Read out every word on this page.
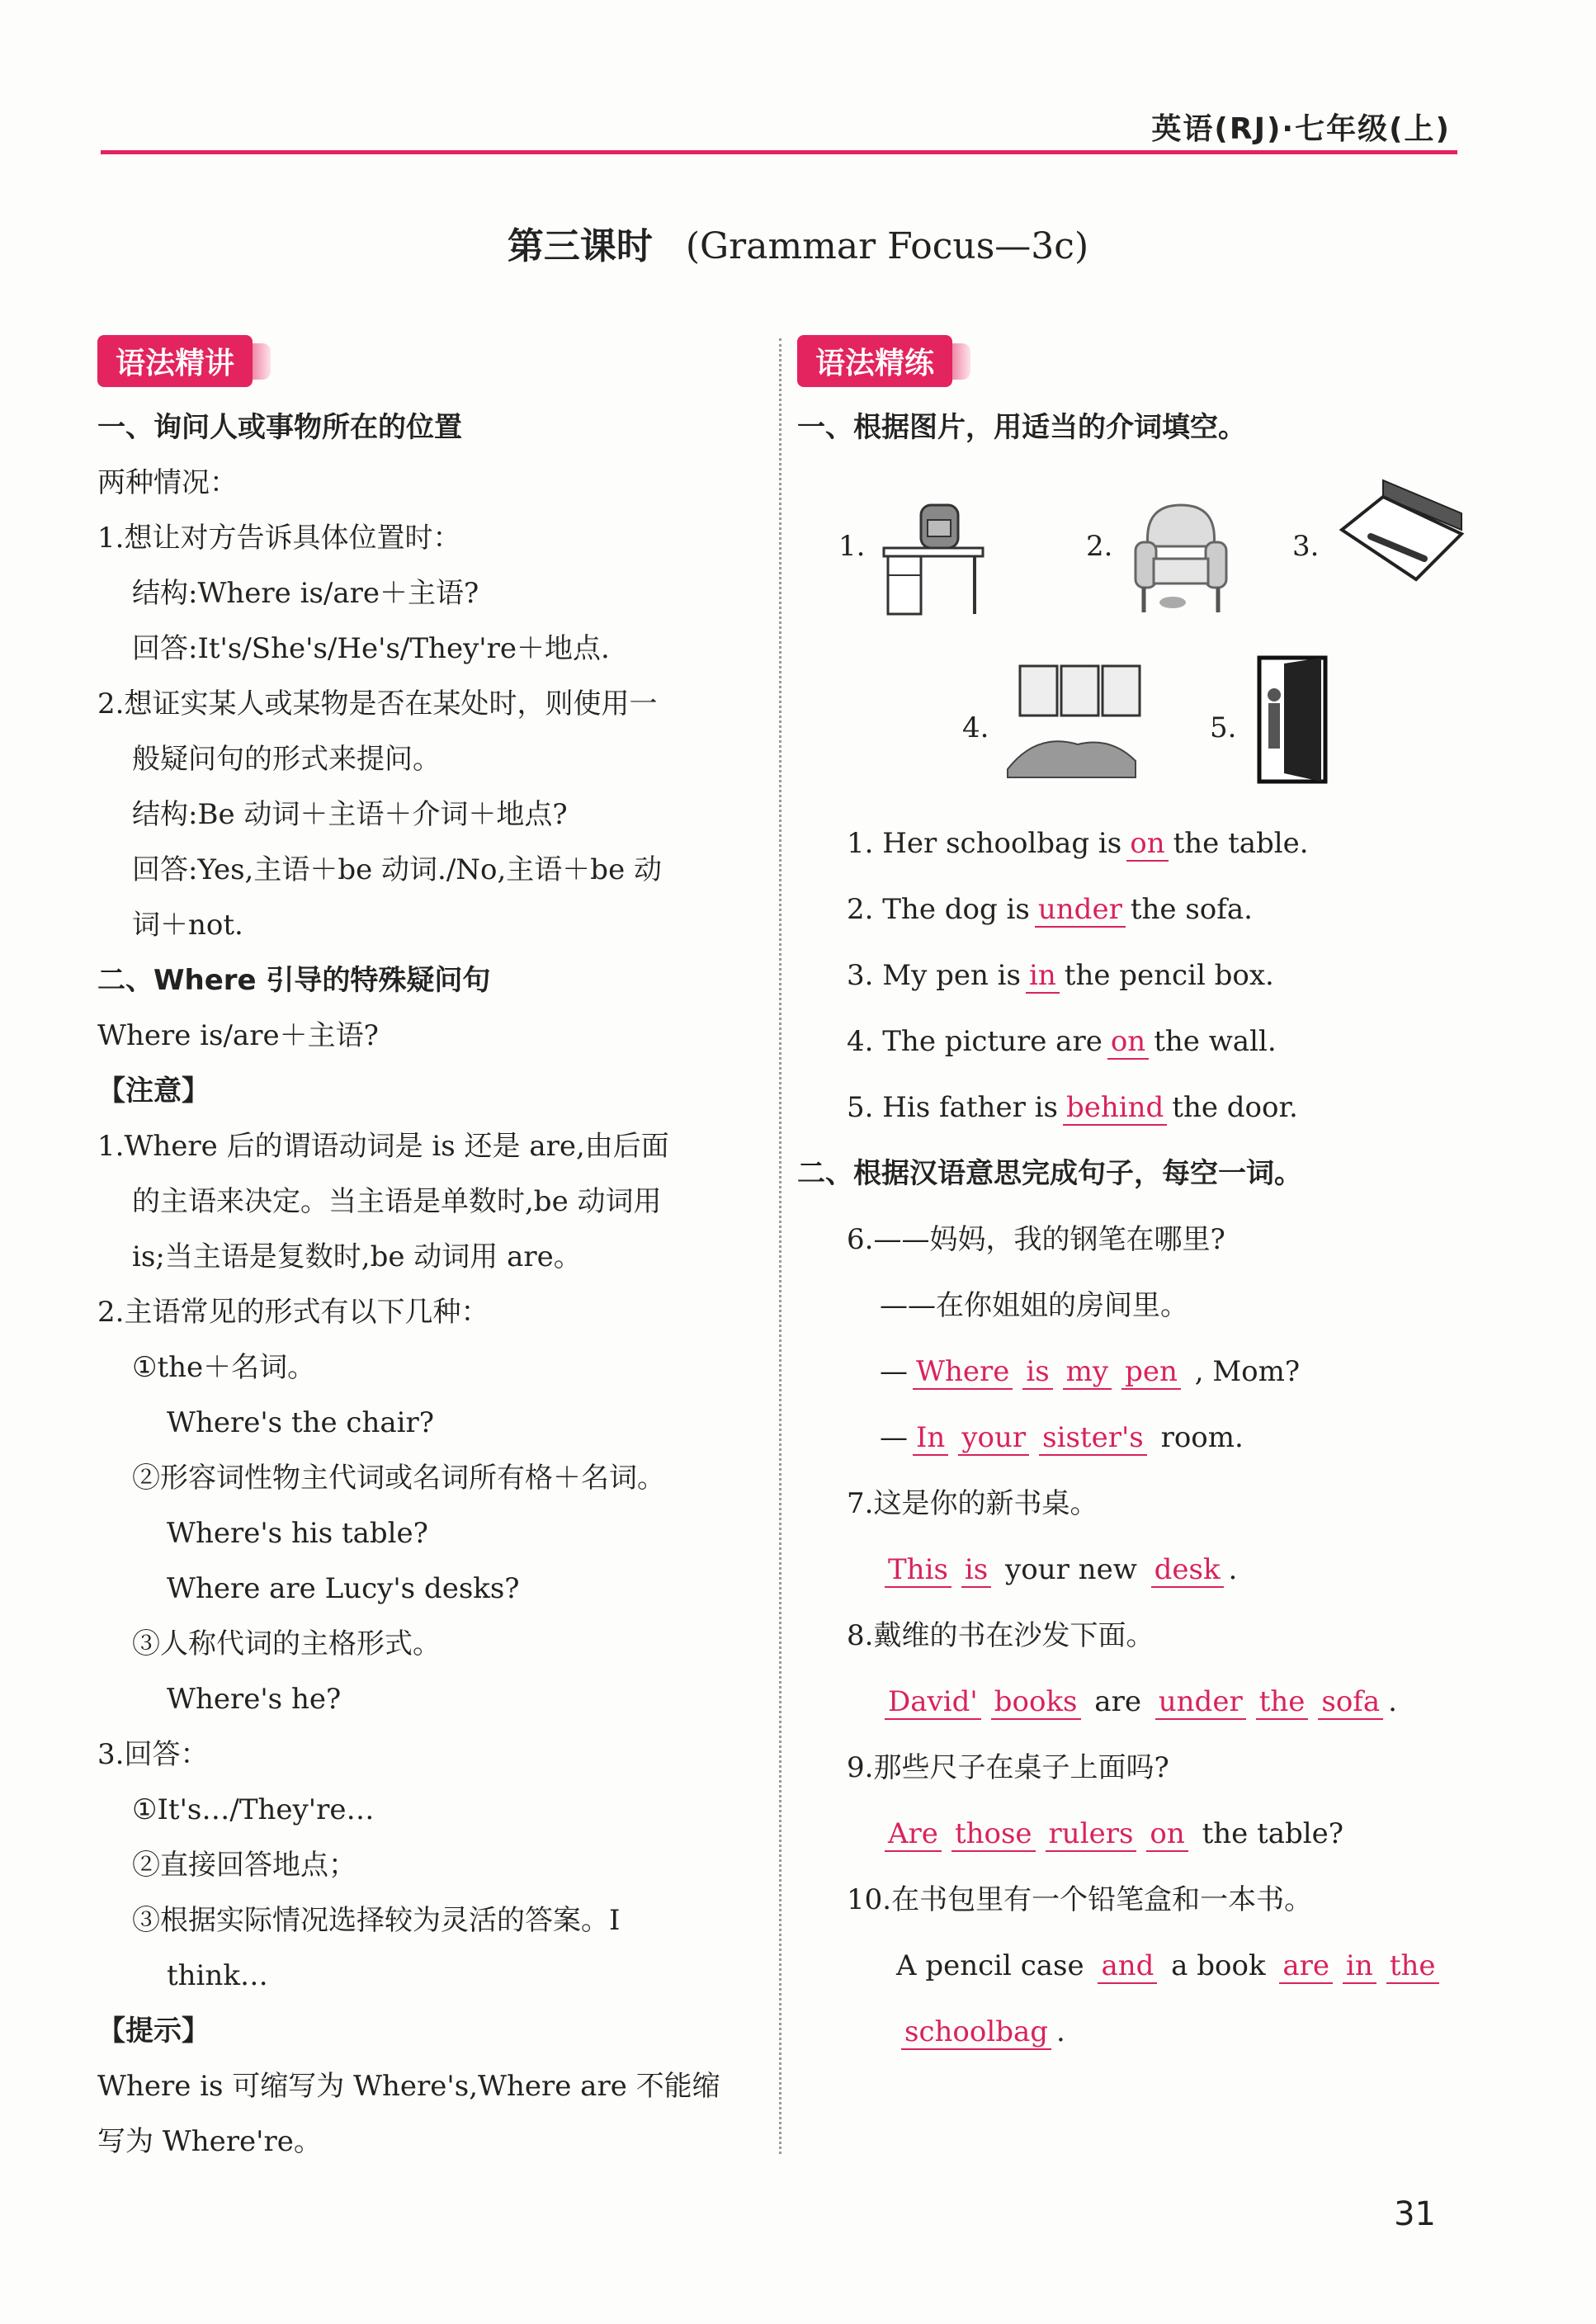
英语(RJ)·七年级(上)
第三课时 (Grammar Focus—3c)
语法精讲
一、询问人或事物所在的位置
两种情况：
1.想让对方告诉具体位置时：
结构:Where is/are＋主语?
回答:It's/She's/He's/They're＋地点.
2.想证实某人或某物是否在某处时，则使用一
般疑问句的形式来提问。
结构:Be 动词＋主语＋介词＋地点?
回答:Yes,主语＋be 动词./No,主语＋be 动
词＋not.
二、Where 引导的特殊疑问句
Where is/are＋主语?
【注意】
1.Where 后的谓语动词是 is 还是 are,由后面
的主语来决定。当主语是单数时,be 动词用
is;当主语是复数时,be 动词用 are。
2.主语常见的形式有以下几种：
①the＋名词。
Where's the chair?
②形容词性物主代词或名词所有格＋名词。
Where's his table?
Where are Lucy's desks?
③人称代词的主格形式。
Where's he?
3.回答：
①It's…/They're…
②直接回答地点；
③根据实际情况选择较为灵活的答案。I
think…
【提示】
Where is 可缩写为 Where's,Where are 不能缩
写为 Where're。
语法精练
一、根据图片，用适当的介词填空。
1.	2.	3.
4.	5.
1. Her schoolbag is on the table.
2. The dog is under the sofa.
3. My pen is in the pencil box.
4. The picture are on the wall.
5. His father is behind the door.
二、根据汉语意思完成句子，每空一词。
6.——妈妈，我的钢笔在哪里?
——在你姐姐的房间里。
— Where is my pen , Mom?
— In your sister's room.
7.这是你的新书桌。
This is your new desk .
8.戴维的书在沙发下面。
David' books are under the sofa .
9.那些尺子在桌子上面吗?
Are those rulers on the table?
10.在书包里有一个铅笔盒和一本书。
A pencil case and a book are in the
schoolbag .
31
